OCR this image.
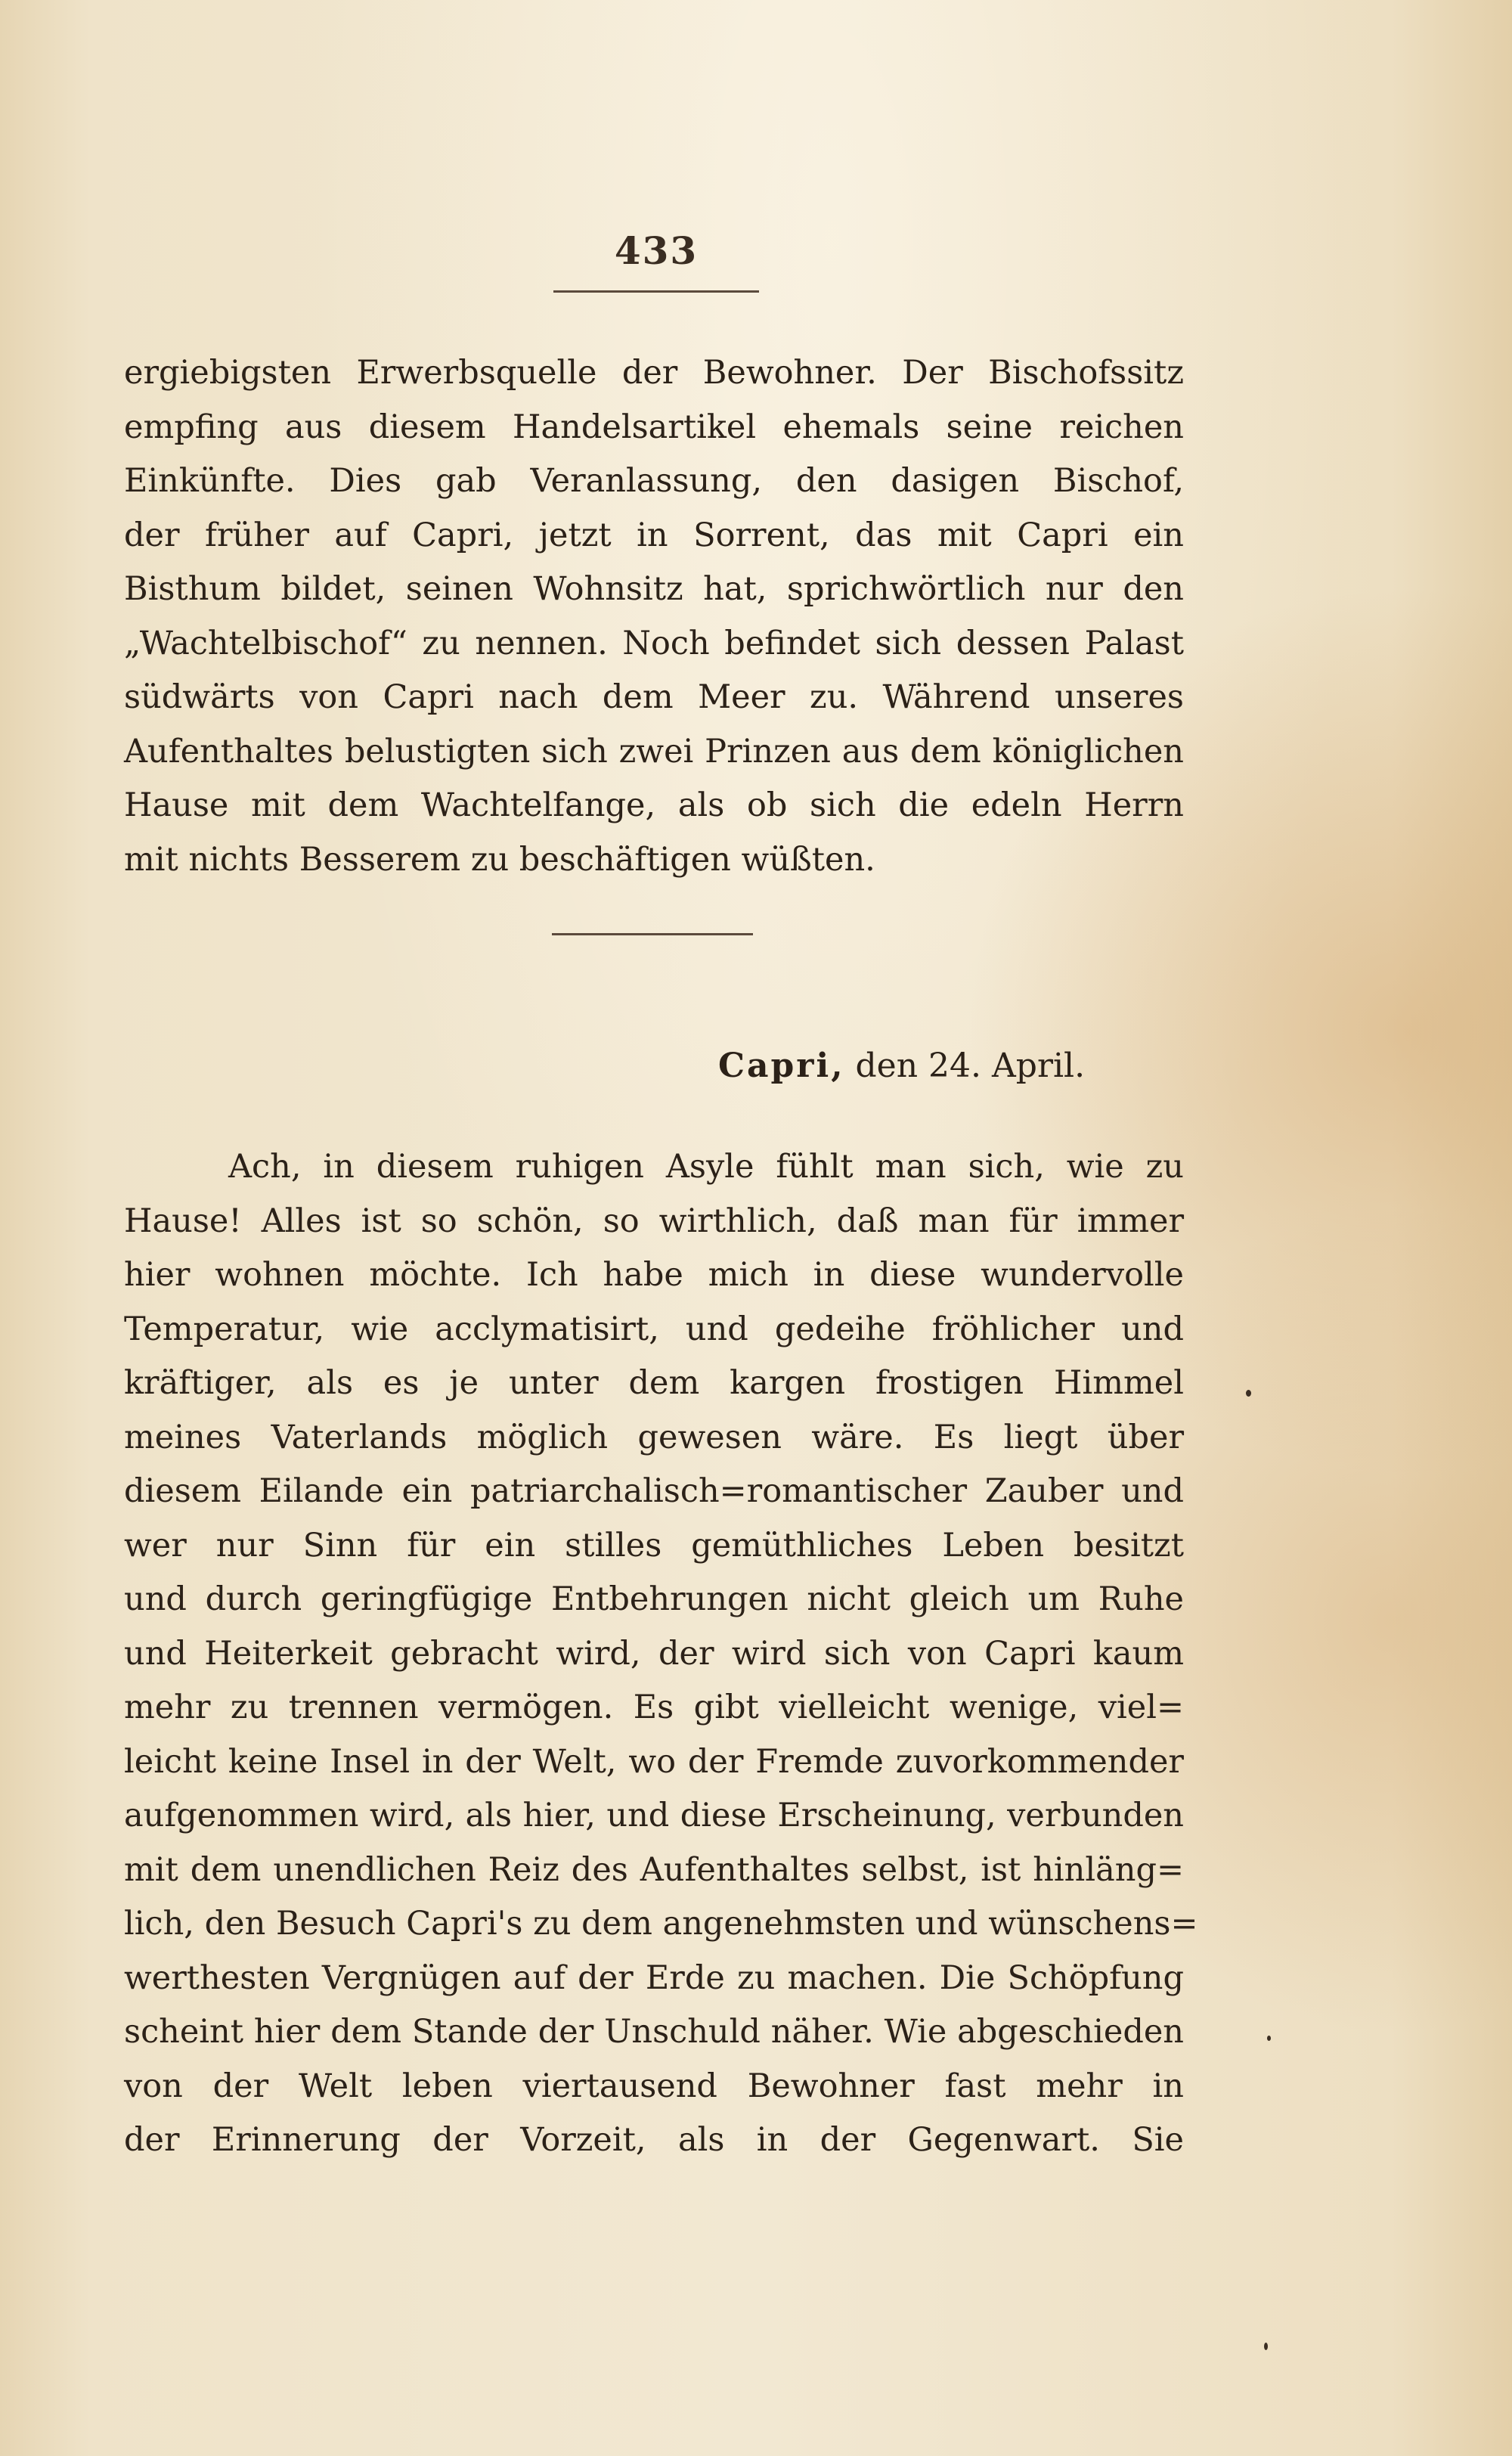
433
ergiebigsten Erwerbsquelle der Bewohner. Der Bischofssitz
empfing aus diesem Handelsartikel ehemals seine reichen
Einkünfte. Dies gab Veranlassung, den dasigen Bischof,
der früher auf Capri, jetzt in Sorrent, das mit Capri ein
Bisthum bildet, seinen Wohnsitz hat, sprichwörtlich nur den
„Wachtelbischof“ zu nennen. Noch befindet sich dessen Palast
südwärts von Capri nach dem Meer zu. Während unseres
Aufenthaltes belustigten sich zwei Prinzen aus dem königlichen
Hause mit dem Wachtelfange, als ob sich die edeln Herrn
mit nichts Besserem zu beschäftigen wüßten.
Capri, den 24. April.
Ach, in diesem ruhigen Asyle fühlt man sich, wie zu
Hause! Alles ist so schön, so wirthlich, daß man für immer
hier wohnen möchte. Ich habe mich in diese wundervolle
Temperatur, wie acclymatisirt, und gedeihe fröhlicher und
kräftiger, als es je unter dem kargen frostigen Himmel
meines Vaterlands möglich gewesen wäre. Es liegt über
diesem Eilande ein patriarchalisch=romantischer Zauber und
wer nur Sinn für ein stilles gemüthliches Leben besitzt
und durch geringfügige Entbehrungen nicht gleich um Ruhe
und Heiterkeit gebracht wird, der wird sich von Capri kaum
mehr zu trennen vermögen. Es gibt vielleicht wenige, viel=
leicht keine Insel in der Welt, wo der Fremde zuvorkommender
aufgenommen wird, als hier, und diese Erscheinung, verbunden
mit dem unendlichen Reiz des Aufenthaltes selbst, ist hinläng=
lich, den Besuch Capri's zu dem angenehmsten und wünschens=
werthesten Vergnügen auf der Erde zu machen. Die Schöpfung
scheint hier dem Stande der Unschuld näher. Wie abgeschieden
von der Welt leben viertausend Bewohner fast mehr in
der Erinnerung der Vorzeit, als in der Gegenwart. Sie
